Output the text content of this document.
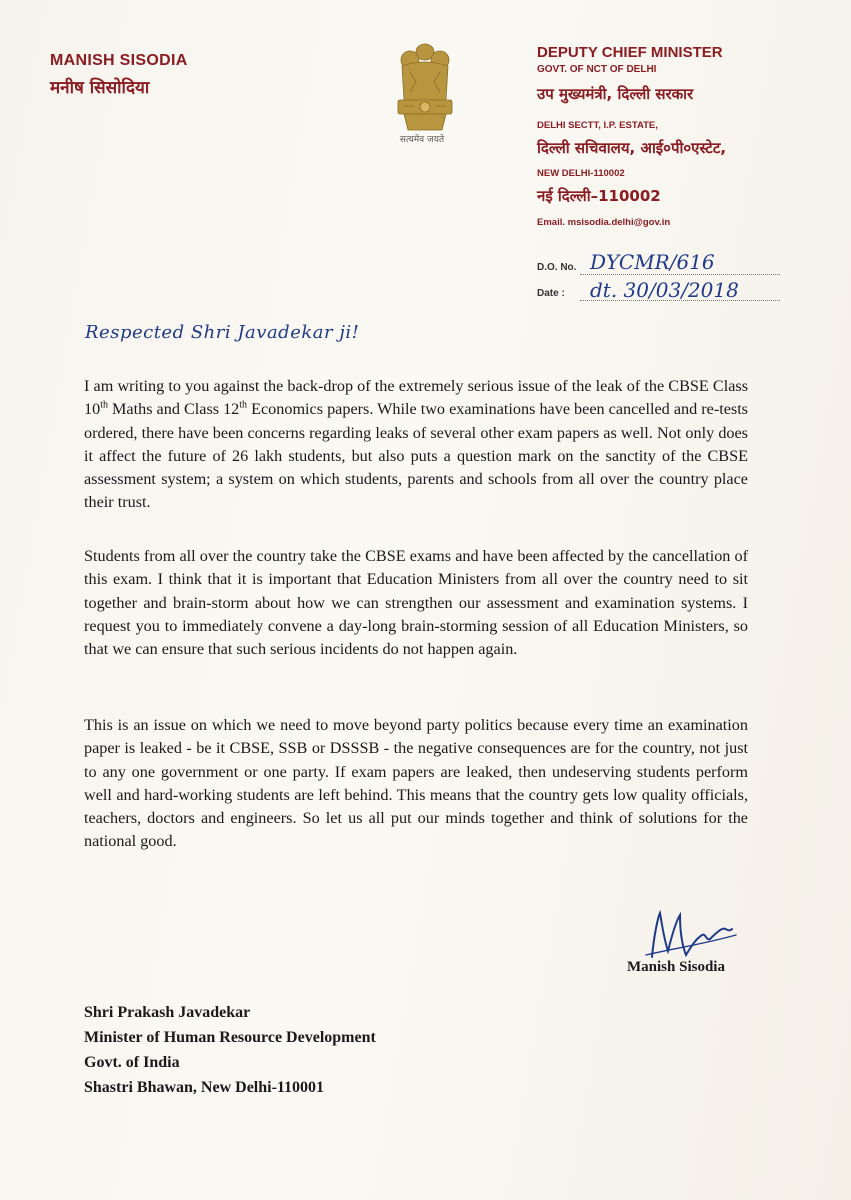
MANISH SISODIA
मनीष सिसोदिया
सत्यमेव जयते
DEPUTY CHIEF MINISTER
GOVT. OF NCT OF DELHI
उप मुख्यमंत्री, दिल्ली सरकार
DELHI SECTT, I.P. ESTATE,
दिल्ली सचिवालय, आई०पी०एस्टेट,
NEW DELHI-110002
नई दिल्ली–110002
Email. msisodia.delhi@gov.in
D.O. No. DYCMR/616
Date : dt. 30/03/2018
Respected Shri Javadekar ji!
I am writing to you against the back-drop of the extremely serious issue of the leak of the CBSE Class 10th Maths and Class 12th Economics papers. While two examinations have been cancelled and re-tests ordered, there have been concerns regarding leaks of several other exam papers as well. Not only does it affect the future of 26 lakh students, but also puts a question mark on the sanctity of the CBSE assessment system; a system on which students, parents and schools from all over the country place their trust.
Students from all over the country take the CBSE exams and have been affected by the cancellation of this exam. I think that it is important that Education Ministers from all over the country need to sit together and brain-storm about how we can strengthen our assessment and examination systems. I request you to immediately convene a day-long brain-storming session of all Education Ministers, so that we can ensure that such serious incidents do not happen again.
This is an issue on which we need to move beyond party politics because every time an examination paper is leaked - be it CBSE, SSB or DSSSB - the negative consequences are for the country, not just to any one government or one party. If exam papers are leaked, then undeserving students perform well and hard-working students are left behind. This means that the country gets low quality officials, teachers, doctors and engineers. So let us all put our minds together and think of solutions for the national good.
Manish Sisodia
Shri Prakash Javadekar
Minister of Human Resource Development
Govt. of India
Shastri Bhawan, New Delhi-110001
